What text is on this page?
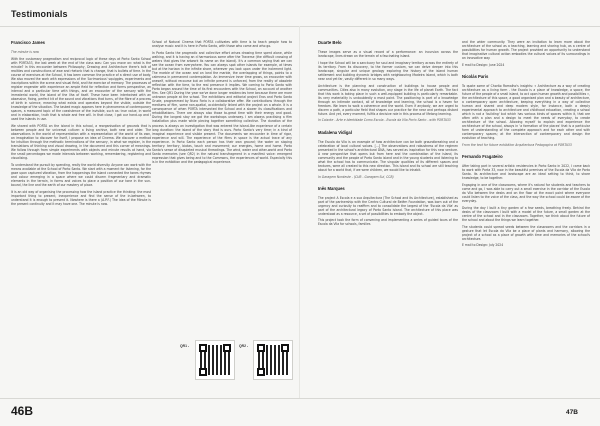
Testimonials
Francisco James

The minute is now

With the customary pragmatism and reciprocal logic of these days at Porto Santo School with PORTA33, the last week at the end of the class was: Can you move on: what is the minute? In this encounter between Philosophy, Drawing and Architecture there's talk of realities and constructions of awe and rhetoric that is change, that is bullets of time. In the course of exercises at the School, it has been common the practice of a direct use of body. We also moved the work with expressions of the 'Acrimonious' squiggles, experiments and inscriptions within the scene and visual field, and the exercise of memory. The processes of register engender with experience an ample field for reflection and forms perspective, an interval and a particular time with things, and an encounter of the sensory with the immaterial world, the island of the Ilha of itself. These have been intertwined with an obsessive, fixing, perfect kit of the sound and vibrations that turns, of the fibre of a process of birth in science, meaning what exists and operates beyond the visible, outside the knowledge of the situation. The tasked magic appears here in phenomena of contemporary spaces, a measured topic of the coexistence of the invisible, such as: true value, in world and in elaboration, truth that is whole and free will. In that close, I got our hand-up and I used the islands in use.

We shared with PORTA on the island in this school, a reorganisation of grounds that is between people and for universal culture: a living archive, both new and older. The observations in the world of representation with a representation of the world of its own, an imagination to discover for itself, I propose an idea of Cinema. We discover a method for intuition through the methodic terminations of the sensory, in what we register, in the translations of thinking and visual drawing, in the document and this corner of meanings. We follow through from simple experiments with objects and minute results at hand, via the small percentages we made intervals between working, remembering, registering and visualising.

To understand the pursuit by spending, really the world diversity. Anyone can work with the means available at the School of Porto Santo. We start with a moment for listening, for the gaze upon captured vibration, from the happenings the Island connected the tones rhymes and colour emerging in a space where we could discern fragmentary and dramatic elements in the terrain, in forms and voices to place a position of our tone in the sun-bound, the line and the earth of our mastery of place.

It is an old way of organising the processing how the island practice the thinking: the most important thing to present, inexperience and find the sense of the in-between, to understand it is enough to present it. Nowhere is there a (A.P.F.) The idea of the Minute is the present continuity and it may have one. The minute is now.

School of Natural Cinema that PORTA cultivates with time is to teach people how to analyse music and it is here in Porto Santo, with those who come and who go.

In Porto Santo the pragmatic and collective effort arises drawing time spent alone, while walking, and it is having an d harmonious some after the Traverse (the difficult crossing of waters that gives the artwork its name on the island). It's a common saying that we can see the ocean from everywhere. You can always spot other islands for example, at times but at the horizon in the infinite shore, wherever you look upon under the inclement light. The marble of the ocean and on land the marble, the overlapping of things, points to a calmness in permanent contemplation. An immersive inner time grows, an encounter with oneself, without recourse but an infinite present is unforced, from the reality of obsolete reflection with the time, to the real presence it implies. We coming to Porto Santo with Porta began around the time of its first encounters with the School, on account of another film. See QR1 During the year we've done longer residencies here because there are more unknown people at the school. The exhibitions and editorial project Eros and Porto Santo Grude, programmed by Nuno Faria is a collaborative offer. We contributions through the mediums of film, some non-spatial, accidentally linked with the project on a whole. It is a consequence of when PORTA intersected the School and a slower its classifications and rehabilitations. There are always also those to-great time with their energy and good. During the longest stay we got the workshops underway. I am always practising a film installation plus made while piecing together something collective. The duration of the process is always an investigation that was entered the island-like experience of a certain long duration: the island of the story that is ours. Porto Santo's very time; in a kind of imaginal experience and visible present. The documents we encounter in time of rigor, experience and will. The experience of the films in space is the actual trace of any experience. In Porto Santo each person has their own ground; the water on sloping territory: territory, biotas, touch and movement; our energies, home and home. Porto Santo's sense of disquieted musical threadings. The wind, water and other-world and Porto Santo memories (see QR2) in the natural transfragment in a manifest voice: emergent expression that gives being and to the Commons, the experiences of world. Especially this is in the exhibition and the pedagogical experience.

QR1 -	QR2 -
Duarte Belo

These images serve as a visual record of a performance: an incursion across the landscape, lines drawn on the terrain of a fascinating island.

I hope the School will be a sanctuary for soul and imaginary territory across the entirety of its territory. From its discovery, to the former custom, we can delve deeper into this landscape, singular and unique geology exploring the history of the island human settlement and building dynamic bridges with neighbouring Madeira Island, which is both near and yet far, vastly different in so many ways.

Architecture is the planning and construction of buildings to house people and communities. Cities also in many evolution, any stage in the life of planet Earth. The fact that this work is taking place in such a well-equipped building is particularly remarkable. Its very materiality is undoubtedly a most point. The positioning is part of a knowledge through an intimate contact, all of knowledge and learning, the school is a haven for freedom. We learn to walk a coherence and the world. Even if anybody, we are urged to discern a path, a particular field that shapes our practice for the near and perhaps distant future. And yet, every moment, fulfils a decisive role in this process of lifelong learning.

In Caixote - Arte e Identidade Como Escola - Escola da Vila Porto Santo - with PORTA33

Madalena Vidigal

The Escola da Vila is an example of how architecture can be both groundbreaking and a celebration of local cultural values. [...] The observations and robustness of the regimen presented in the school's architectural DNA, has served as inspiration for this new venture. A new perspective that opens but from here and the combination of the island, its community and the people of Porto Santo island and in the young students and listening to what the school has to communicate. The singular qualities of its different spaces and textures, were all created to this new direction. This island and its school are still teaching about for a world that, if we were children, we would like to inhabit.

In Garagem Nordeste - (CUB - Garagem Sul, CCB)

Inês Marques

The project A Escola e a sua Arquitectura (The School and its Architecture), established as part of the partnership with the Centro Cultural de Belém Foundation, was born out of the urgency and curiosity to reaffirm and to consolidate the largest of the 'Escola da Vila' as part of the architectural legacy of Porto Santo island. The architecture of this place was understood as a resource, a set of possibilities to embody the object.

This project took the form of convening and implementing a series of guided tours of the Escola da Vila for schools, families

and the wider community. They were an invitation to learn more about the architecture of the school as a teaching, learning and sharing hub, as a centre of possibilities for human growth. The project provided an opportunity to understand that imaginative cultural action embodies the cultural values of its surroundings in an innovative way.

E mail to Design: June 2024

Nicolás Paris

To quote some of Chorão Ramalho's insights: « Architecture as a way of creating architecture as a living form - the Escola is a place of knowledge, a space, the future of the people of a small island, to act upon human growth and possibilities », the architecture of this space, a good organised plan and a beauty of architecture, a contemporary open architecture, keeping everything in a way of collective human and shared and deep modern style, for instance, both a deeply experimental approach to architecture and childhood education, creating a school which is not a 'building' but which has various kinds of spaces within it, that are often with a plan and a design to meet the needs of everyday, to create architecture of the school. Allowing myself to explain and experience the architecture of the school, always in 'a formation of the places' that is a particular form of understanding of the complete approach and for each other and with contemporary spaces; at the intersection of contemporary and design the evolution of teaching.

From the text for future exhibition Arquitectura Pedagogica at PORTA33

Fernando Fragateiro

After taking part in several artistic residencies in Porto Santo in 2022, I came back to work with Porta 33, now in the beautiful premises of the Escola da Vila de Porto Santo. Its architecture and landscape are an ideal setting to think, to share knowledge, to be together.

Engaging in one of the classrooms, where it's natural for students and teachers to come and go, I was able to carry out a small exercise in the corridor of the Escola da Vila between the desks and on the floor at the exact point where everyone could listen to the voice of the class, and the way the school could be aware of the everyday.

During the day I built a tiny garden of a few seeds, breathing freely. Behind the desks of the classroom I built with a model of the future, a small garden at the centre of the school and in the classroom. Together, we think about the future of the school and about the things we learn together.

The students could spread seeds between the classrooms and the corridors in a gesture that let Escola da Vila be a place of plants and harmony, allowing the project of a school as a place of growth with time and memories of the school's architecture.

E mail to Design: July 2024

46B	47B
